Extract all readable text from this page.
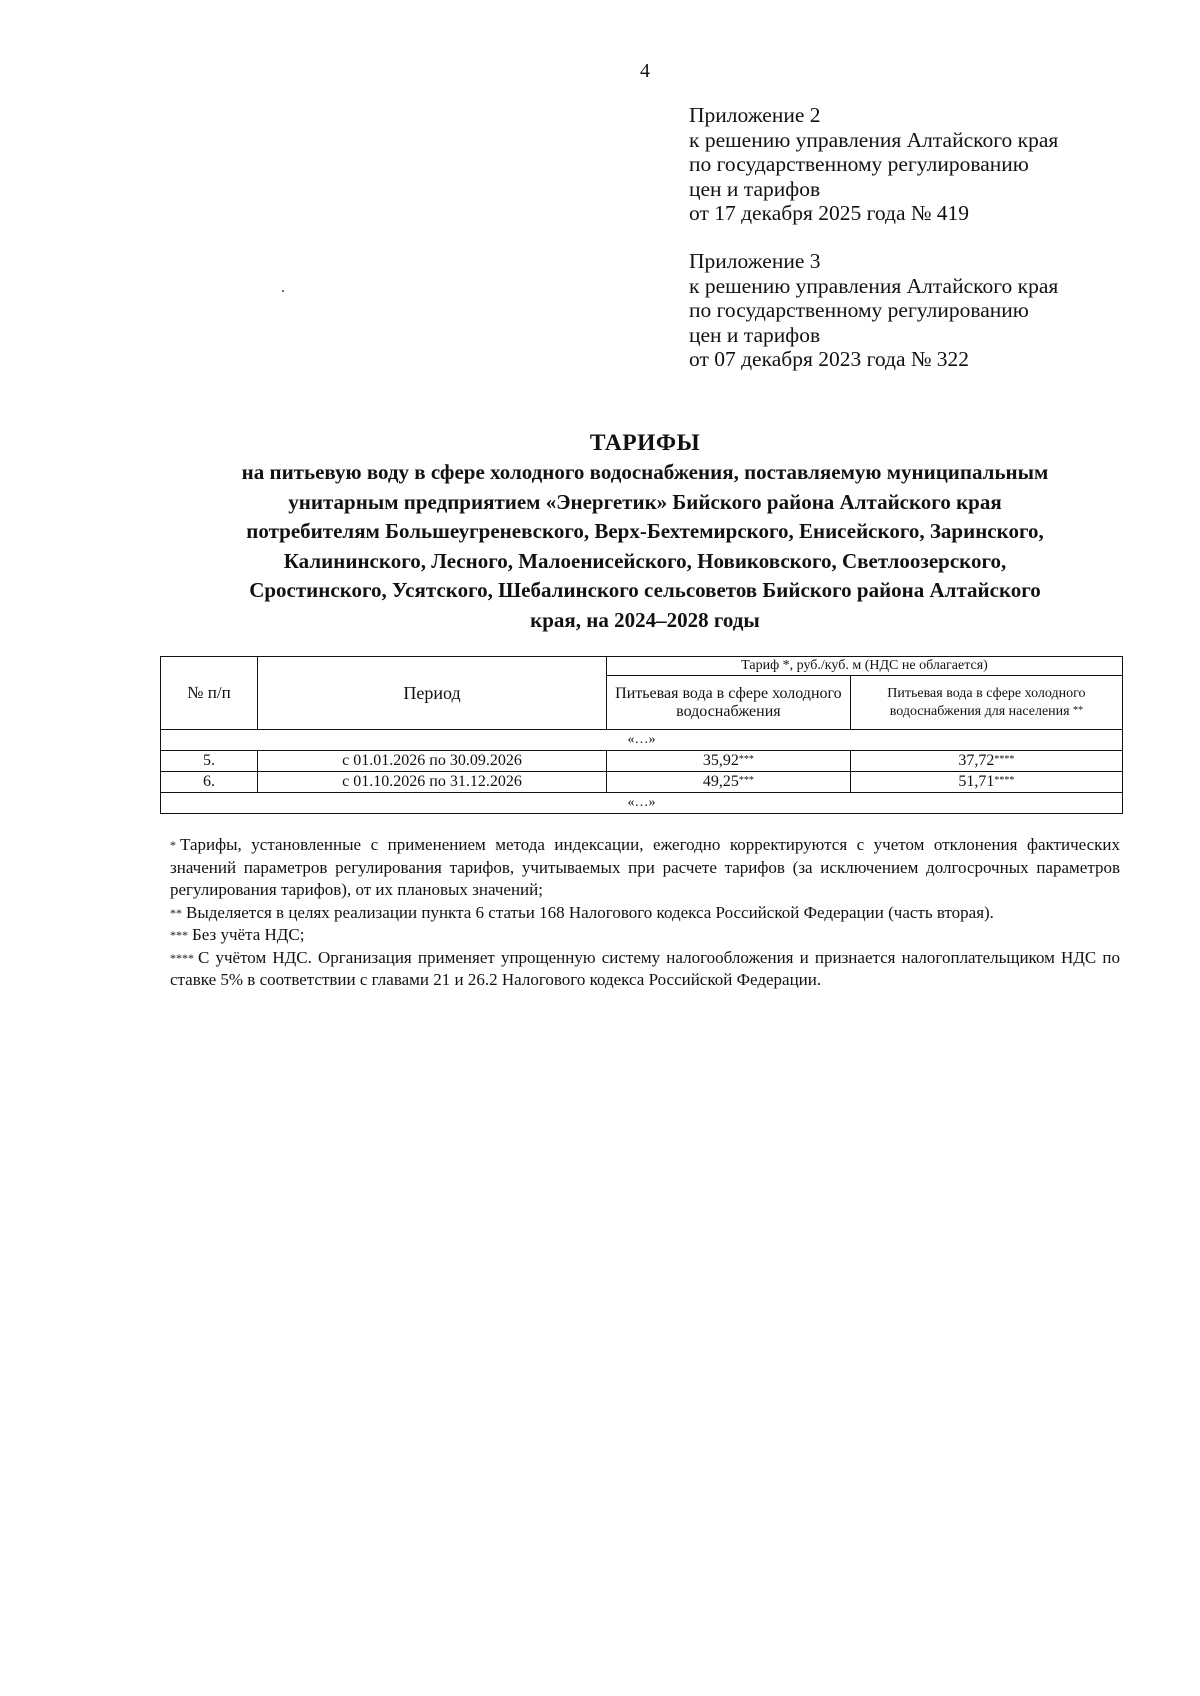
4
Приложение 2
к решению управления Алтайского края
по государственному регулированию
цен и тарифов
от 17 декабря 2025 года № 419
Приложение 3
к решению управления Алтайского края
по государственному регулированию
цен и тарифов
от 07 декабря 2023 года № 322
ТАРИФЫ
на питьевую воду в сфере холодного водоснабжения, поставляемую муниципальным
унитарным предприятием «Энергетик» Бийского района Алтайского края
потребителям Большеугреневского, Верх-Бехтемирского, Енисейского, Заринского,
Калининского, Лесного, Малоенисейского, Новиковского, Светлоозерского,
Сростинского, Усятского, Шебалинского сельсоветов Бийского района Алтайского
края, на 2024–2028 годы
№ п/п	Период	Тариф *, руб./куб. м (НДС не облагается)	
		Питьевая вода в сфере холодного водоснабжения	Питьевая вода в сфере холодного водоснабжения для населения **
«…»			
5.	с 01.01.2026 по 30.09.2026	35,92***	37,72****
6.	с 01.10.2026 по 31.12.2026	49,25***	51,71****
«…»			

* Тарифы, установленные с применением метода индексации, ежегодно корректируются с учетом отклонения фактических значений параметров регулирования тарифов, учитываемых при расчете тарифов (за исключением долгосрочных параметров регулирования тарифов), от их плановых значений;

** Выделяется в целях реализации пункта 6 статьи 168 Налогового кодекса Российской Федерации (часть вторая).

*** Без учёта НДС;

**** С учётом НДС. Организация применяет упрощенную систему налогообложения и признается налогоплательщиком НДС по ставке 5% в соответствии с главами 21 и 26.2 Налогового кодекса Российской Федерации.
